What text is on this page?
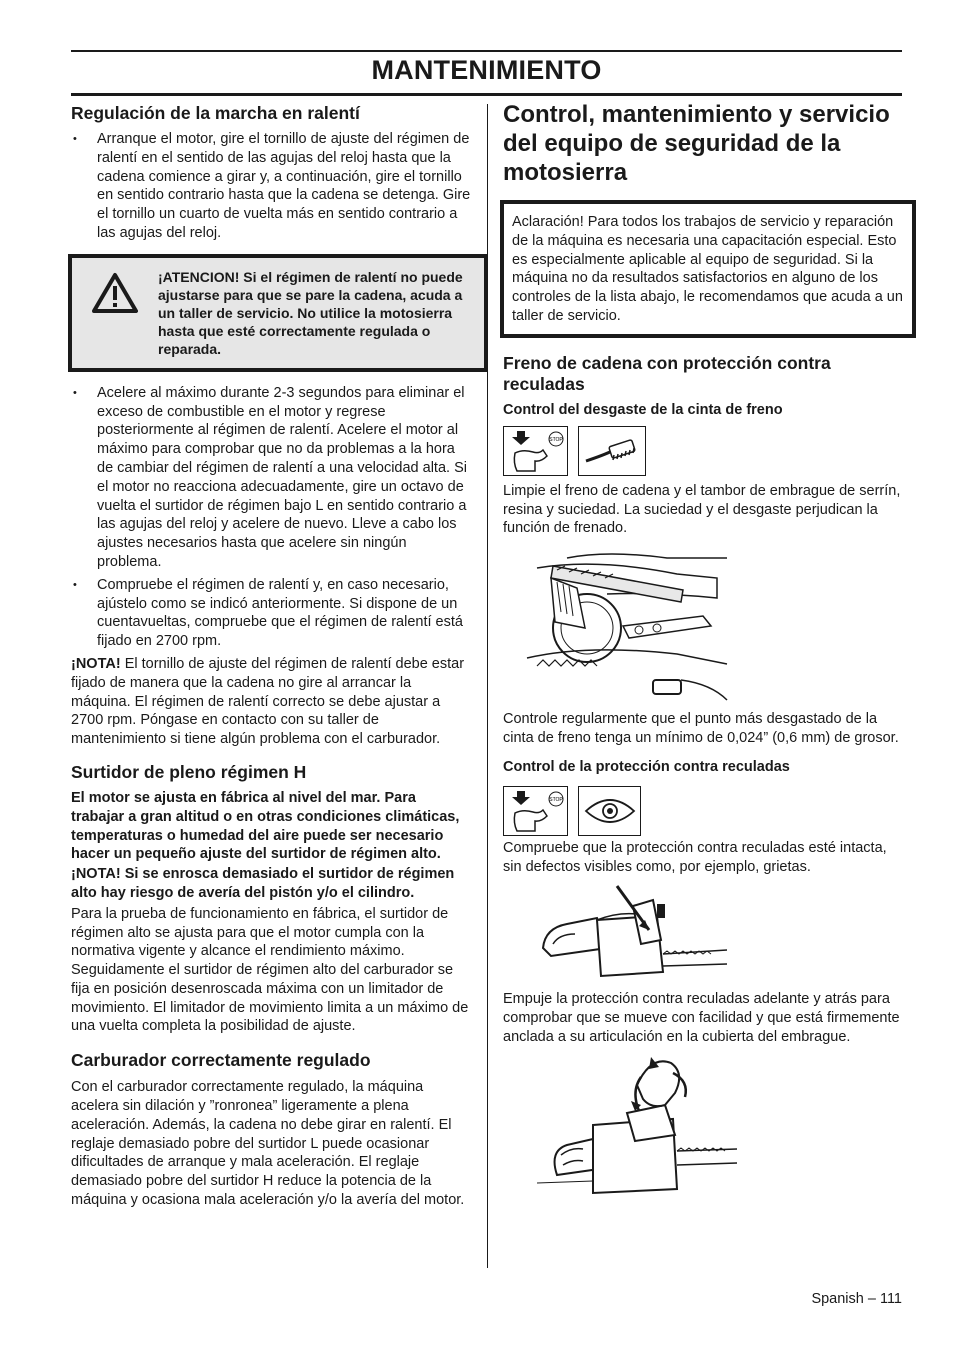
MANTENIMIENTO
Regulación de la marcha en ralentí
• Arranque el motor, gire el tornillo de ajuste del régimen de ralentí en el sentido de las agujas del reloj hasta que la cadena comience a girar y, a continuación, gire el tornillo en sentido contrario hasta que la cadena se detenga. Gire el tornillo un cuarto de vuelta más en sentido contrario a las agujas del reloj.
¡ATENCION! Si el régimen de ralentí no puede ajustarse para que se pare la cadena, acuda a un taller de servicio. No utilice la motosierra hasta que esté correctamente regulada o reparada.
• Acelere al máximo durante 2-3 segundos para eliminar el exceso de combustible en el motor y regrese posteriormente al régimen de ralentí. Acelere el motor al máximo para comprobar que no da problemas a la hora de cambiar del régimen de ralentí a una velocidad alta. Si el motor no reacciona adecuadamente, gire un octavo de vuelta el surtidor de régimen bajo L en sentido contrario a las agujas del reloj y acelere de nuevo. Lleve a cabo los ajustes necesarios hasta que acelere sin ningún problema.
• Compruebe el régimen de ralentí y, en caso necesario, ajústelo como se indicó anteriormente. Si dispone de un cuentavueltas, compruebe que el régimen de ralentí está fijado en 2700 rpm.

¡NOTA! El tornillo de ajuste del régimen de ralentí debe estar fijado de manera que la cadena no gire al arrancar la máquina. El régimen de ralentí correcto se debe ajustar a 2700 rpm. Póngase en contacto con su taller de mantenimiento si tiene algún problema con el carburador.

Surtidor de pleno régimen H

El motor se ajusta en fábrica al nivel del mar. Para trabajar a gran altitud o en otras condiciones climáticas, temperaturas o humedad del aire puede ser necesario hacer un pequeño ajuste del surtidor de régimen alto.

¡NOTA! Si se enrosca demasiado el surtidor de régimen alto hay riesgo de avería del pistón y/o el cilindro.

Para la prueba de funcionamiento en fábrica, el surtidor de régimen alto se ajusta para que el motor cumpla con la normativa vigente y alcance el rendimiento máximo. Seguidamente el surtidor de régimen alto del carburador se fija en posición desenroscada máxima con un limitador de movimiento. El limitador de movimiento limita a un máximo de una vuelta completa la posibilidad de ajuste.

Carburador correctamente regulado

Con el carburador correctamente regulado, la máquina acelera sin dilación y ”ronronea” ligeramente a plena aceleración. Además, la cadena no debe girar en ralentí. El reglaje demasiado pobre del surtidor L puede ocasionar dificultades de arranque y mala aceleración. El reglaje demasiado pobre del surtidor H reduce la potencia de la máquina y ocasiona mala aceleración y/o la avería del motor.

Control, mantenimiento y servicio del equipo de seguridad de la motosierra

Aclaración! Para todos los trabajos de servicio y reparación de la máquina es necesaria una capacitación especial. Esto es especialmente aplicable al equipo de seguridad. Si la máquina no da resultados satisfactorios en alguno de los controles de la lista abajo, le recomendamos que acuda a un taller de servicio.

Freno de cadena con protección contra reculadas
Control del desgaste de la cinta de freno
STOP

Limpie el freno de cadena y el tambor de embrague de serrín, resina y suciedad. La suciedad y el desgaste perjudican la función de frenado.

Controle regularmente que el punto más desgastado de la cinta de freno tenga un mínimo de 0,024” (0,6 mm) de grosor.

Control de la protección contra reculadas
STOP

Compruebe que la protección contra reculadas esté intacta, sin defectos visibles como, por ejemplo, grietas.

Empuje la protección contra reculadas adelante y atrás para comprobar que se mueve con facilidad y que está firmemente anclada a su articulación en la cubierta del embrague.

Spanish – 111
